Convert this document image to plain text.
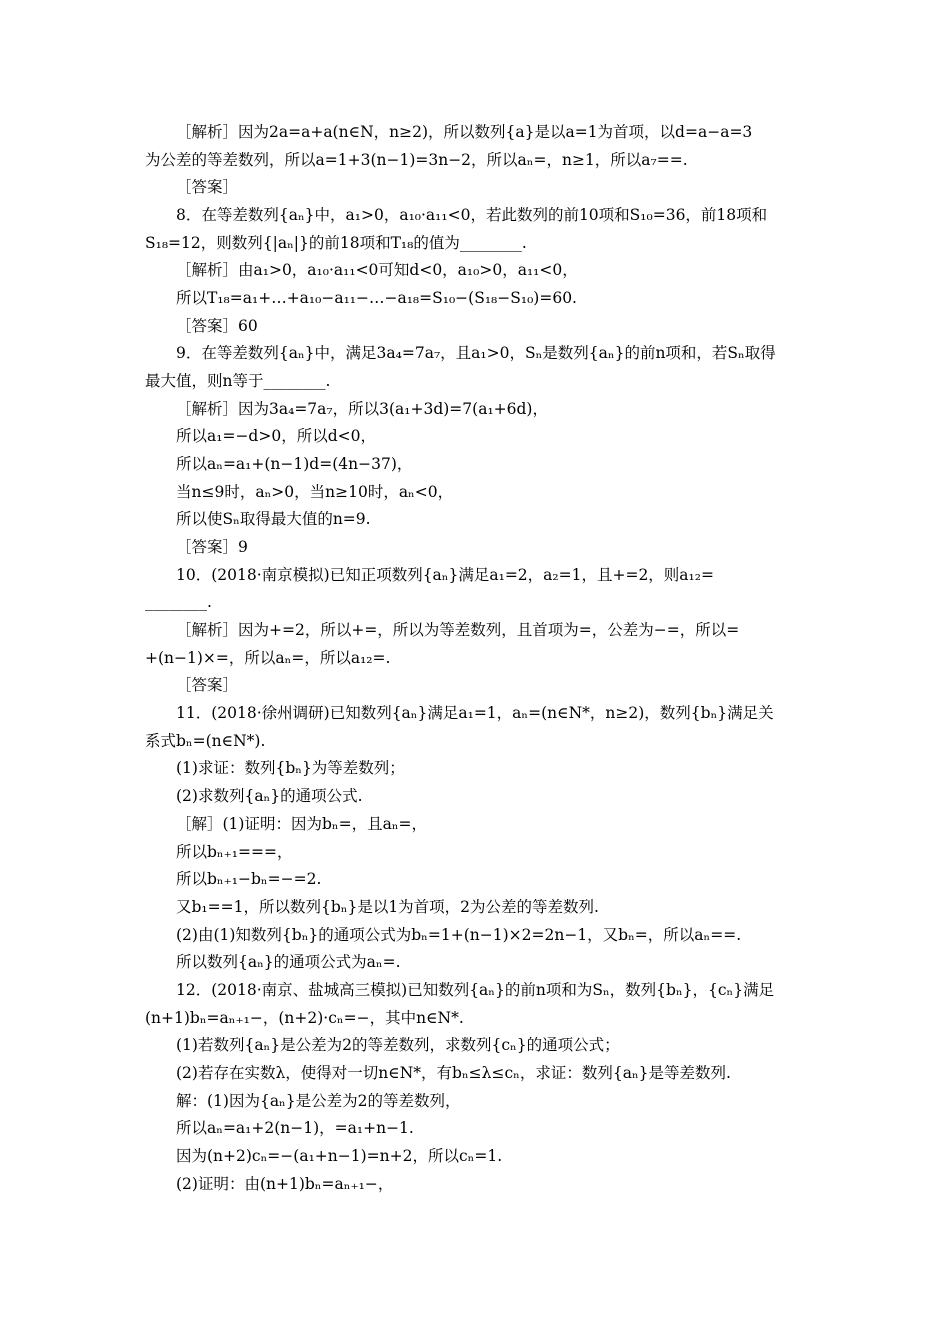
［解析］因为2a=a+a(n∈N，n≥2)，所以数列{a}是以a=1为首项，以d=a−a=3
为公差的等差数列，所以a=1+3(n−1)=3n−2，所以aₙ=，n≥1，所以a₇==.
［答案］
8．在等差数列{aₙ}中，a₁>0，a₁₀·a₁₁<0，若此数列的前10项和S₁₀=36，前18项和
S₁₈=12，则数列{|aₙ|}的前18项和T₁₈的值为________.
［解析］由a₁>0，a₁₀·a₁₁<0可知d<0，a₁₀>0，a₁₁<0，
所以T₁₈=a₁+…+a₁₀−a₁₁−…−a₁₈=S₁₀−(S₁₈−S₁₀)=60.
［答案］60
9．在等差数列{aₙ}中，满足3a₄=7a₇，且a₁>0，Sₙ是数列{aₙ}的前n项和，若Sₙ取得
最大值，则n等于________.
［解析］因为3a₄=7a₇，所以3(a₁+3d)=7(a₁+6d)，
所以a₁=−d>0，所以d<0，
所以aₙ=a₁+(n−1)d=(4n−37)，
当n≤9时，aₙ>0，当n≥10时，aₙ<0，
所以使Sₙ取得最大值的n=9.
［答案］9
10．(2018·南京模拟)已知正项数列{aₙ}满足a₁=2，a₂=1，且+=2，则a₁₂=
________.
［解析］因为+=2，所以+=，所以为等差数列，且首项为=，公差为−=，所以=
+(n−1)×=，所以aₙ=，所以a₁₂=.
［答案］
11．(2018·徐州调研)已知数列{aₙ}满足a₁=1，aₙ=(n∈N*，n≥2)，数列{bₙ}满足关
系式bₙ=(n∈N*).
(1)求证：数列{bₙ}为等差数列；
(2)求数列{aₙ}的通项公式.
［解］(1)证明：因为bₙ=，且aₙ=，
所以bₙ₊₁===，
所以bₙ₊₁−bₙ=−=2.
又b₁==1，所以数列{bₙ}是以1为首项，2为公差的等差数列.
(2)由(1)知数列{bₙ}的通项公式为bₙ=1+(n−1)×2=2n−1，又bₙ=，所以aₙ==.
所以数列{aₙ}的通项公式为aₙ=.
12．(2018·南京、盐城高三模拟)已知数列{aₙ}的前n项和为Sₙ，数列{bₙ}，{cₙ}满足
(n+1)bₙ=aₙ₊₁−，(n+2)·cₙ=−，其中n∈N*.
(1)若数列{aₙ}是公差为2的等差数列，求数列{cₙ}的通项公式；
(2)若存在实数λ，使得对一切n∈N*，有bₙ≤λ≤cₙ，求证：数列{aₙ}是等差数列.
解：(1)因为{aₙ}是公差为2的等差数列，
所以aₙ=a₁+2(n−1)，=a₁+n−1.
因为(n+2)cₙ=−(a₁+n−1)=n+2，所以cₙ=1.
(2)证明：由(n+1)bₙ=aₙ₊₁−，
